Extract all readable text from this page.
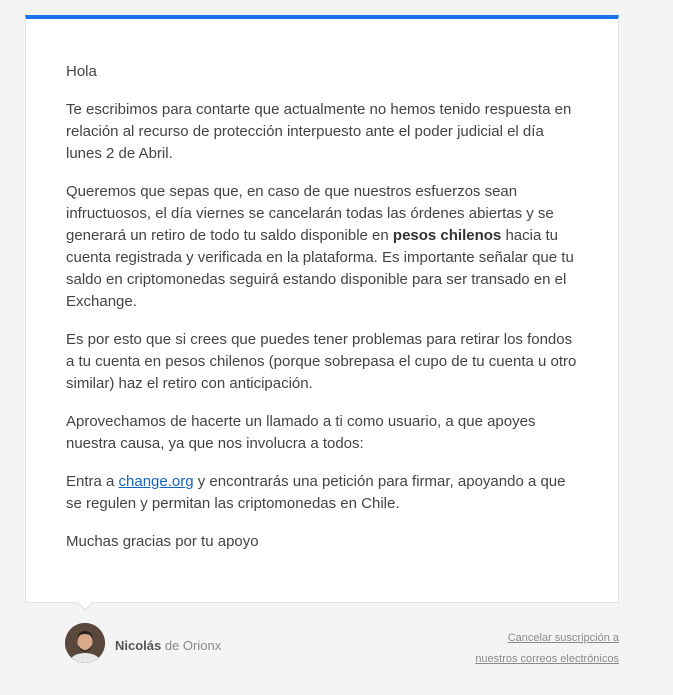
Hola

Te escribimos para contarte que actualmente no hemos tenido respuesta en relación al recurso de protección interpuesto ante el poder judicial el día lunes 2 de Abril.

Queremos que sepas que, en caso de que nuestros esfuerzos sean infructuosos, el día viernes se cancelarán todas las órdenes abiertas y se generará un retiro de todo tu saldo disponible en pesos chilenos hacia tu cuenta registrada y verificada en la plataforma. Es importante señalar que tu saldo en criptomonedas seguirá estando disponible para ser transado en el Exchange.

Es por esto que si crees que puedes tener problemas para retirar los fondos a tu cuenta en pesos chilenos (porque sobrepasa el cupo de tu cuenta u otro similar) haz el retiro con anticipación.

Aprovechamos de hacerte un llamado a ti como usuario, a que apoyes nuestra causa, ya que nos involucra a todos:

Entra a change.org y encontrarás una petición para firmar, apoyando a que se regulen y permitan las criptomonedas en Chile.

Muchas gracias por tu apoyo

Nicolás de Orionx	Cancelar suscripción a
nuestros correos electrónicos
